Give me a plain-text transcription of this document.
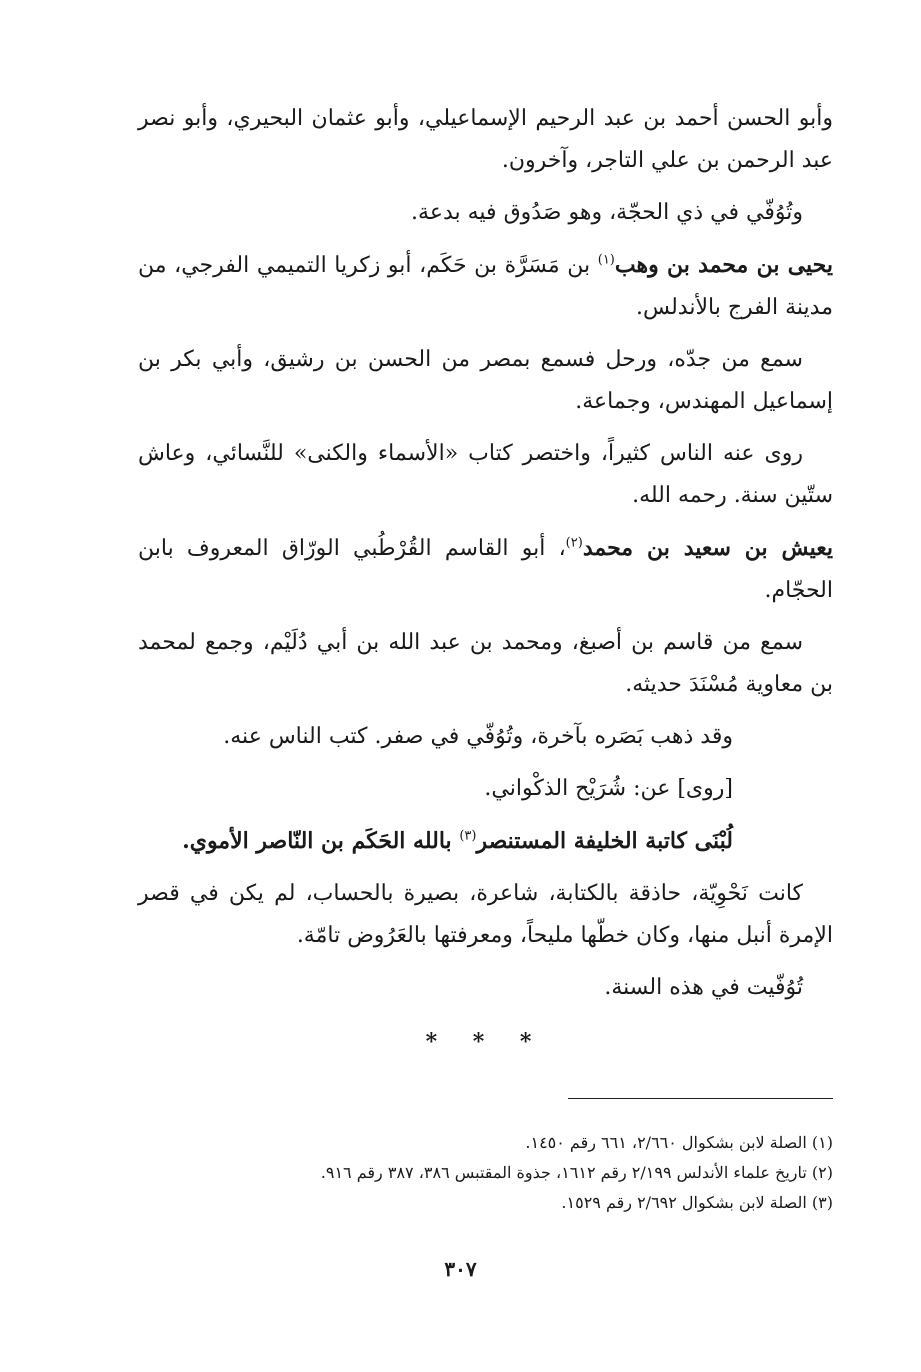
وأبو الحسن أحمد بن عبد الرحيم الإسماعيلي، وأبو عثمان البحيري، وأبو نصر عبد الرحمن بن علي التاجر، وآخرون.

وتُوُفّي في ذي الحجّة، وهو صَدُوق فيه بدعة.

يحيى بن محمد بن وهب$^{(١)}$ بن مَسَرَّة بن حَكَم، أبو زكريا التميمي الفرجي، من مدينة الفرج بالأندلس.

سمع من جدّه، ورحل فسمع بمصر من الحسن بن رشيق، وأبي بكر بن إسماعيل المهندس، وجماعة.

روى عنه الناس كثيراً، واختصر كتاب «الأسماء والكنى» للنَّسائي، وعاش ستّين سنة. رحمه الله.

يعيش بن سعيد بن محمد$^{(٢)}$، أبو القاسم القُرْطُبي الورّاق المعروف بابن الحجّام.

سمع من قاسم بن أصبغ، ومحمد بن عبد الله بن أبي دُلَيْم، وجمع لمحمد بن معاوية مُسْنَدَ حديثه.

وقد ذهب بَصَره بآخرة، وتُوُفّي في صفر. كتب الناس عنه.

[روى] عن: شُرَيْح الذكْواني.

لُبْنَى كاتبة الخليفة المستنصر$^{(٣)}$ بالله الحَكَم بن النّاصر الأموي.

كانت نَحْوِيّة، حاذقة بالكتابة، شاعرة، بصيرة بالحساب، لم يكن في قصر الإمرة أنبل منها، وكان خطّها مليحاً، ومعرفتها بالعَرُوض تامّة.

تُوُفّيت في هذه السنة.

* * *
(١) الصلة لابن بشكوال ٢/٦٦٠، ٦٦١ رقم ١٤٥٠.
(٢) تاريخ علماء الأندلس ٢/١٩٩ رقم ١٦١٢، جذوة المقتبس ٣٨٦، ٣٨٧ رقم ٩١٦.
(٣) الصلة لابن بشكوال ٢/٦٩٢ رقم ١٥٢٩.
٣٠٧
